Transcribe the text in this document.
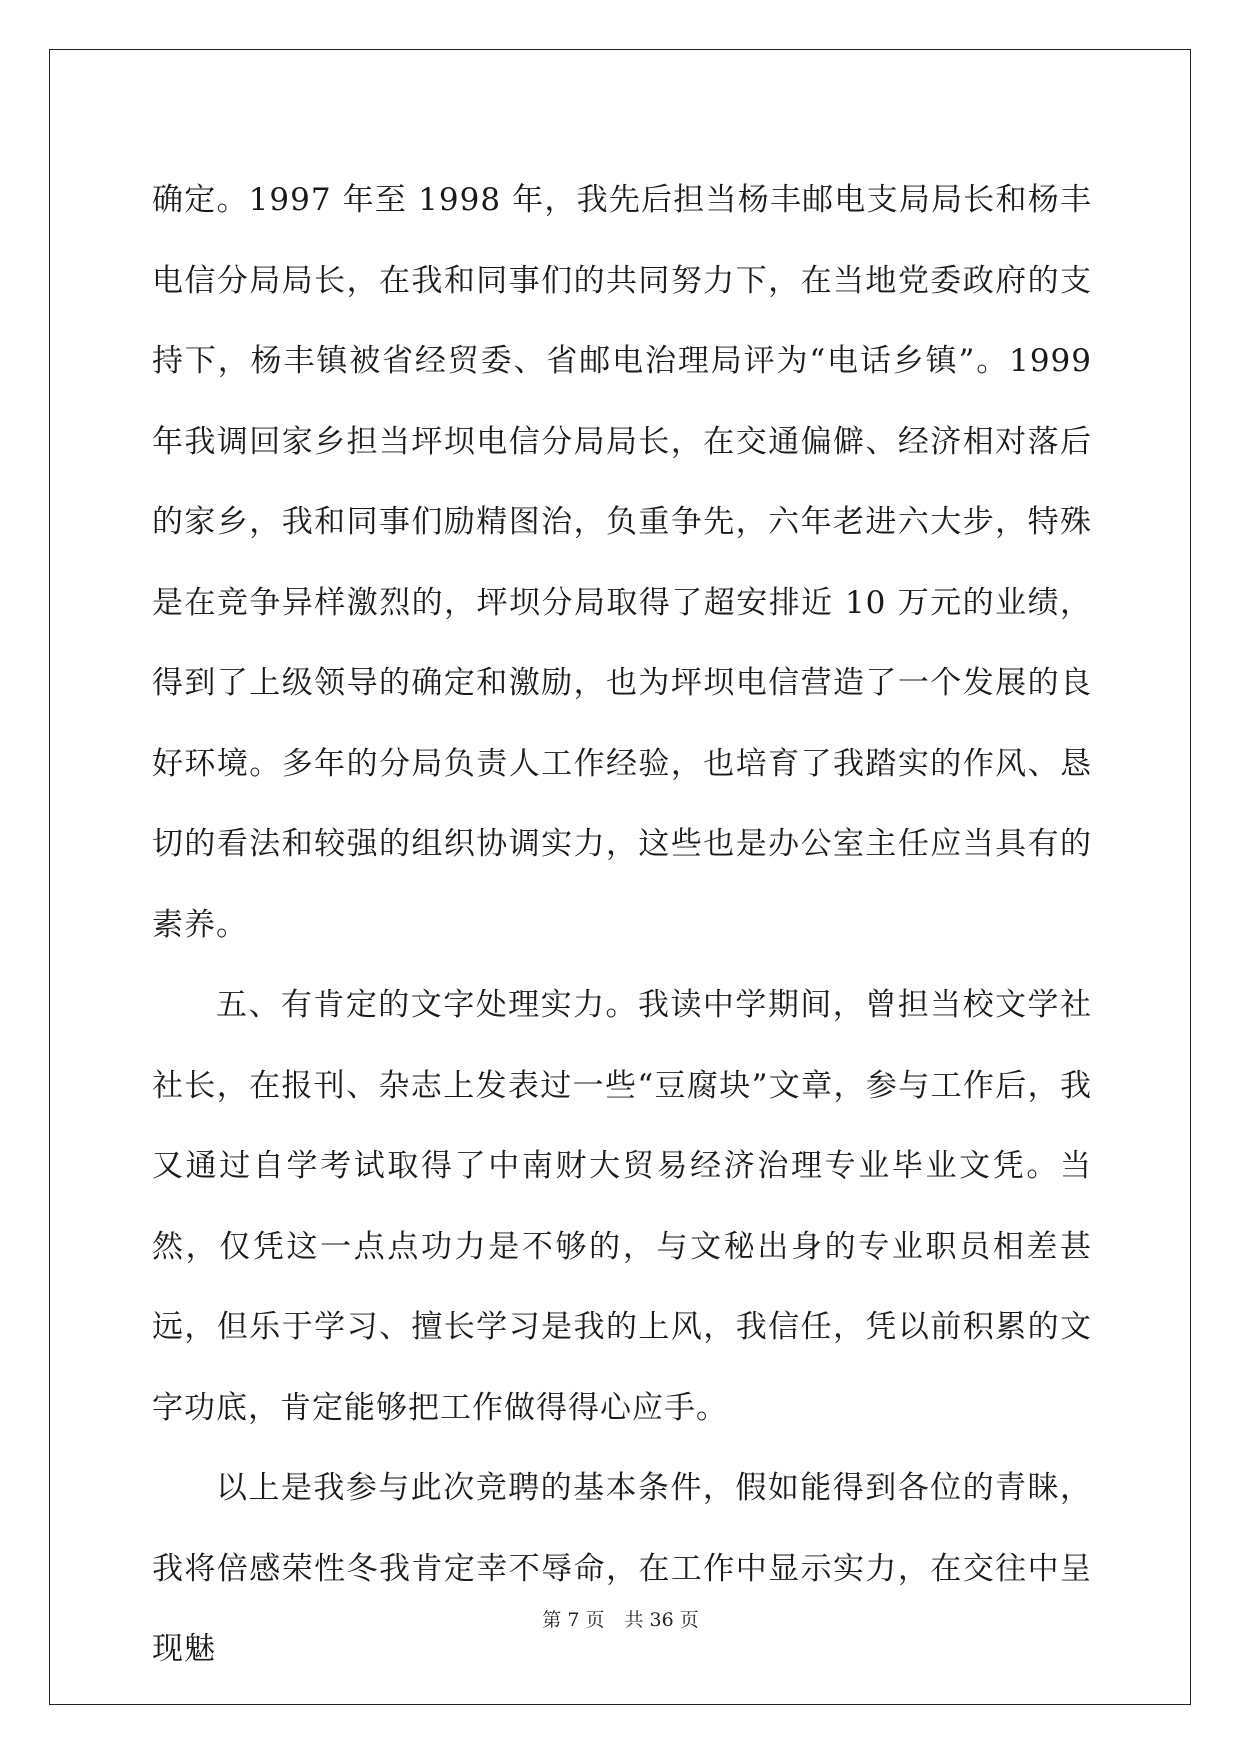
确定。1997 年至 1998 年，我先后担当杨丰邮电支局局长和杨丰电信分局局长，在我和同事们的共同努力下，在当地党委政府的支持下，杨丰镇被省经贸委、省邮电治理局评为“电话乡镇”。1999 年我调回家乡担当坪坝电信分局局长，在交通偏僻、经济相对落后的家乡，我和同事们励精图治，负重争先，六年老进六大步，特殊是在竞争异样激烈的，坪坝分局取得了超安排近 10 万元的业绩，得到了上级领导的确定和激励，也为坪坝电信营造了一个发展的良好环境。多年的分局负责人工作经验，也培育了我踏实的作风、恳切的看法和较强的组织协调实力，这些也是办公室主任应当具有的素养。

五、有肯定的文字处理实力。我读中学期间，曾担当校文学社社长，在报刊、杂志上发表过一些“豆腐块”文章，参与工作后，我又通过自学考试取得了中南财大贸易经济治理专业毕业文凭。当然，仅凭这一点点功力是不够的，与文秘出身的专业职员相差甚远，但乐于学习、擅长学习是我的上风，我信任，凭以前积累的文字功底，肯定能够把工作做得得心应手。

以上是我参与此次竞聘的基本条件，假如能得到各位的青睐，我将倍感荣性冬我肯定幸不辱命，在工作中显示实力，在交往中呈现魅

第 7 页 共 36 页
